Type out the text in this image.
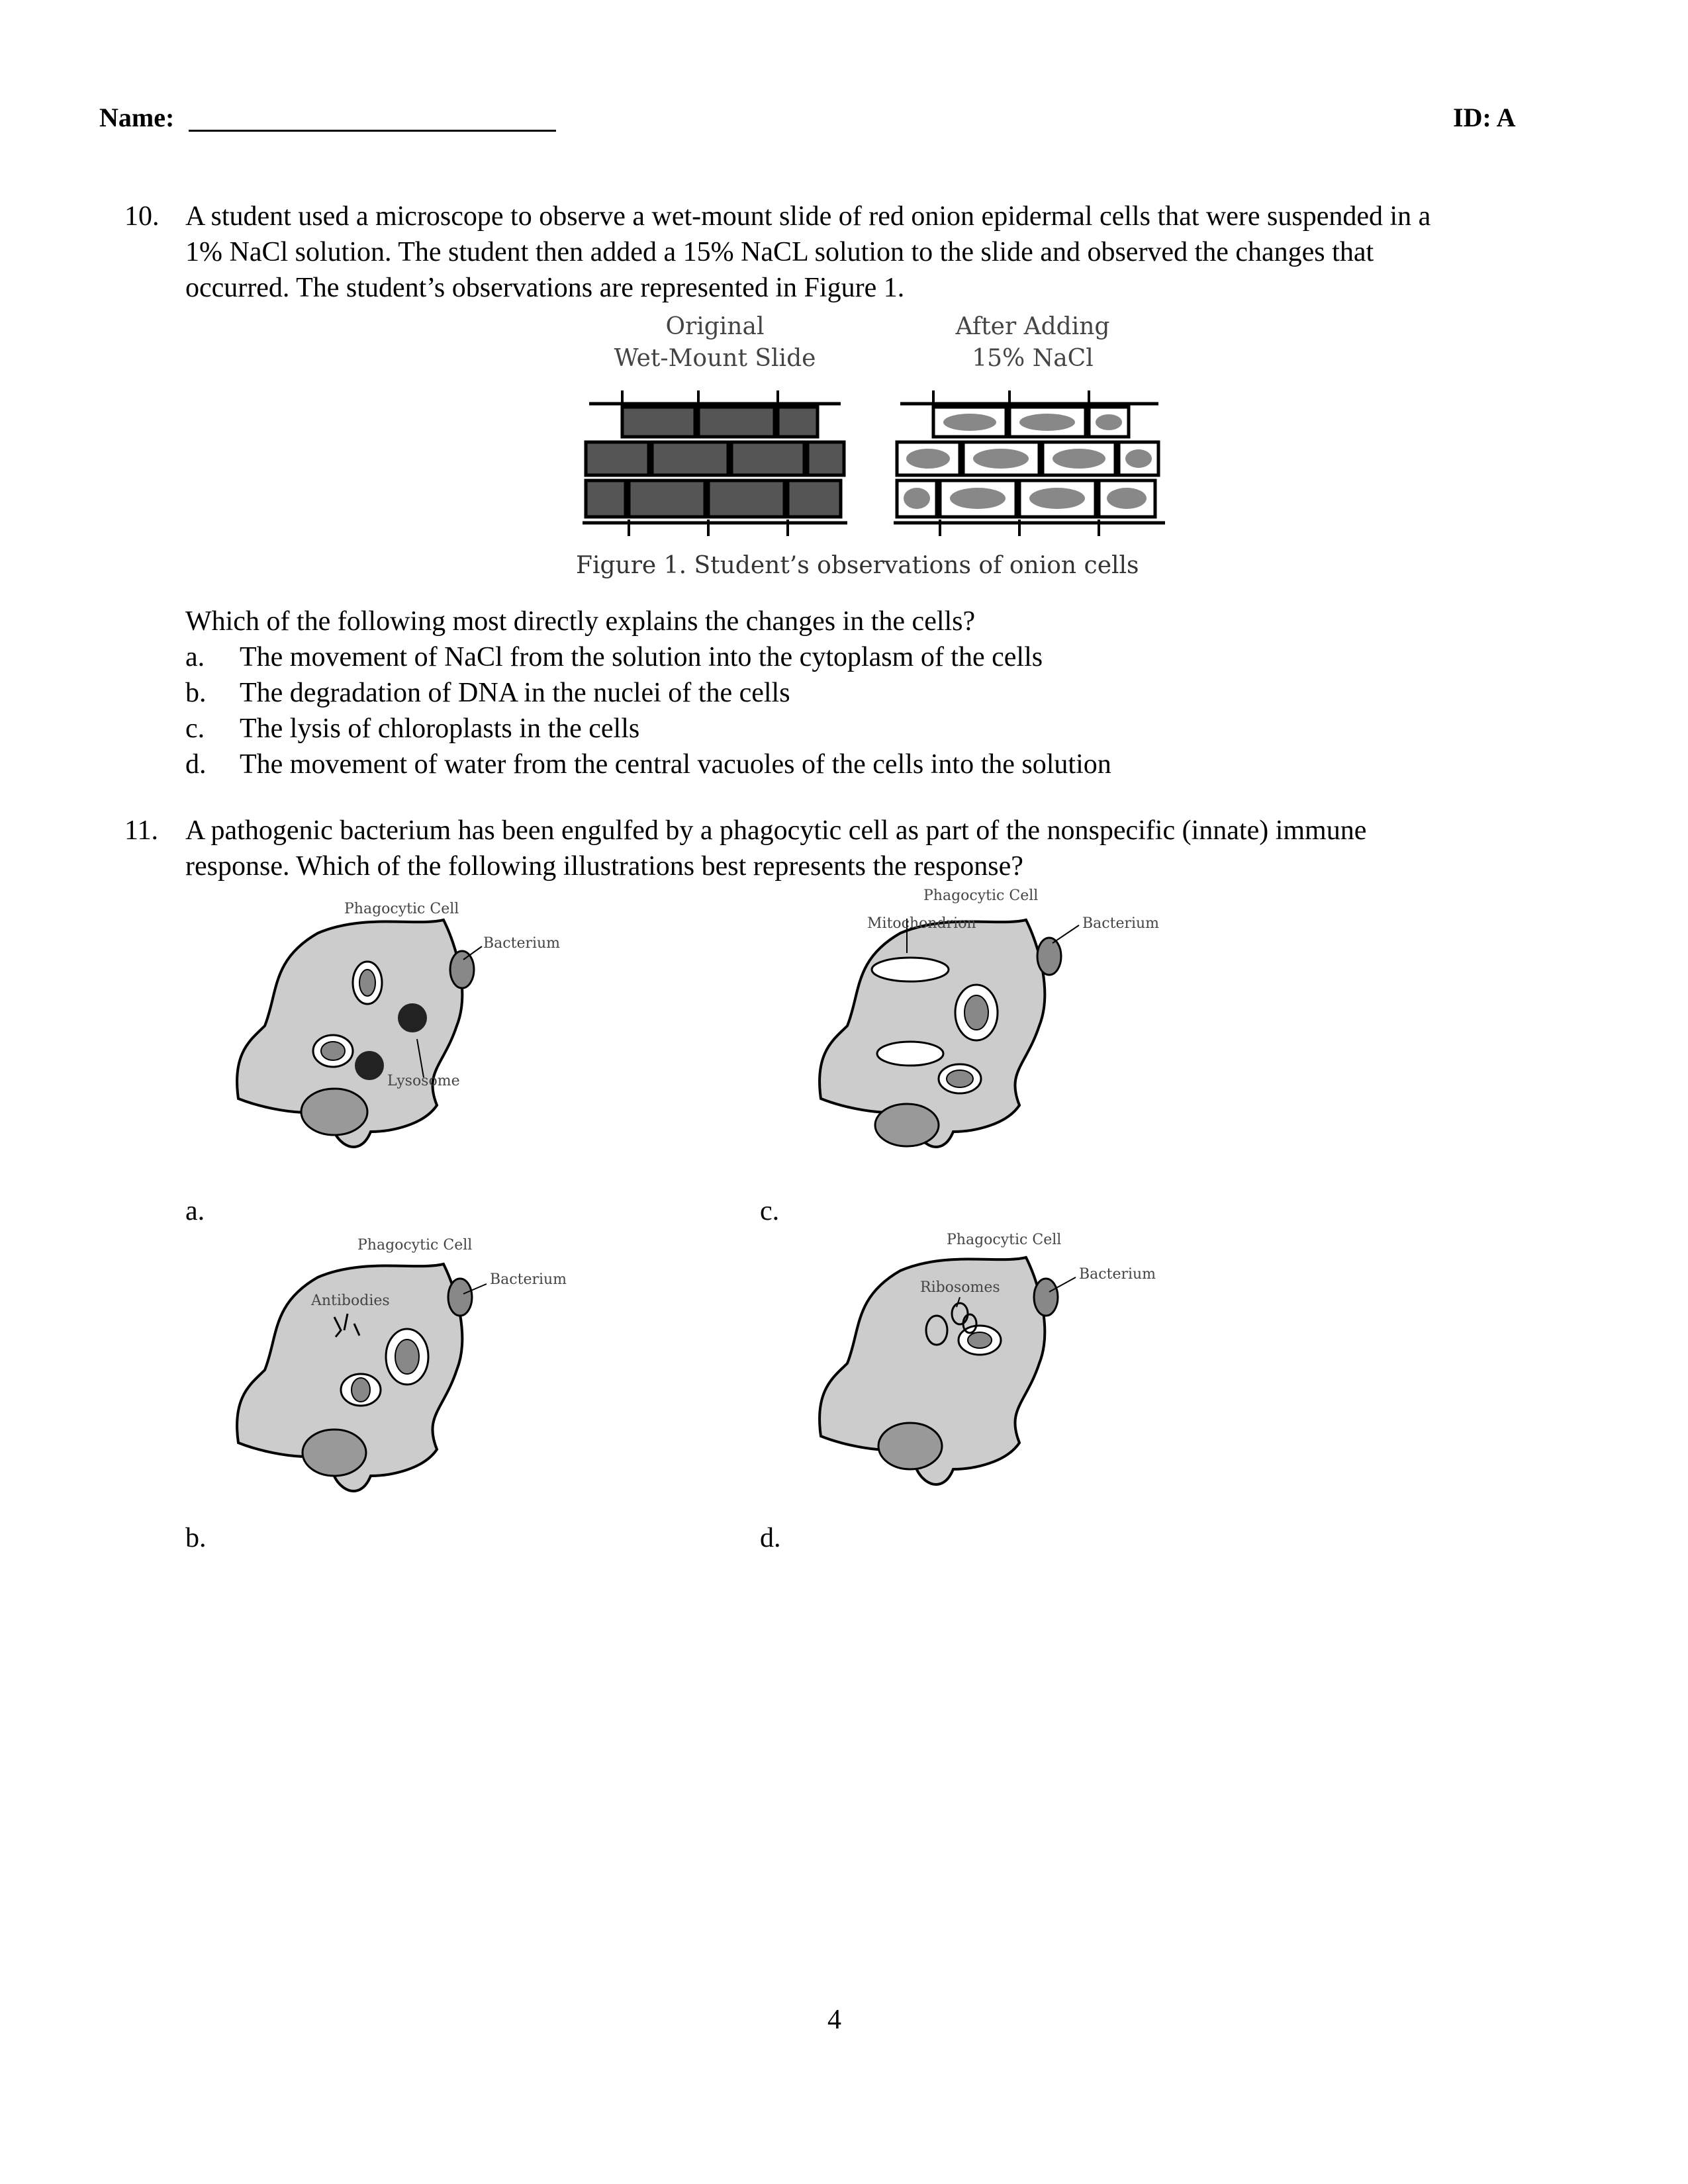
Name:	ID: A
10. A student used a microscope to observe a wet-mount slide of red onion epidermal cells that were suspended in a
1% NaCl solution. The student then added a 15% NaCL solution to the slide and observed the changes that
occurred. The student’s observations are represented in Figure 1.
Original
Wet-Mount Slide
After Adding
15% NaCl
Figure 1. Student’s observations of onion cells
Which of the following most directly explains the changes in the cells?
a. The movement of NaCl from the solution into the cytoplasm of the cells
b. The degradation of DNA in the nuclei of the cells
c. The lysis of chloroplasts in the cells
d. The movement of water from the central vacuoles of the cells into the solution
11. A pathogenic bacterium has been engulfed by a phagocytic cell as part of the nonspecific (innate) immune
response. Which of the following illustrations best represents the response?
Phagocytic Cell
Bacterium
Lysosome
a.
Phagocytic Cell
Mitochondrion	Bacterium
c.
Phagocytic Cell
Antibodies
Bacterium
b.
Phagocytic Cell
Ribosomes
Bacterium
d.
4
